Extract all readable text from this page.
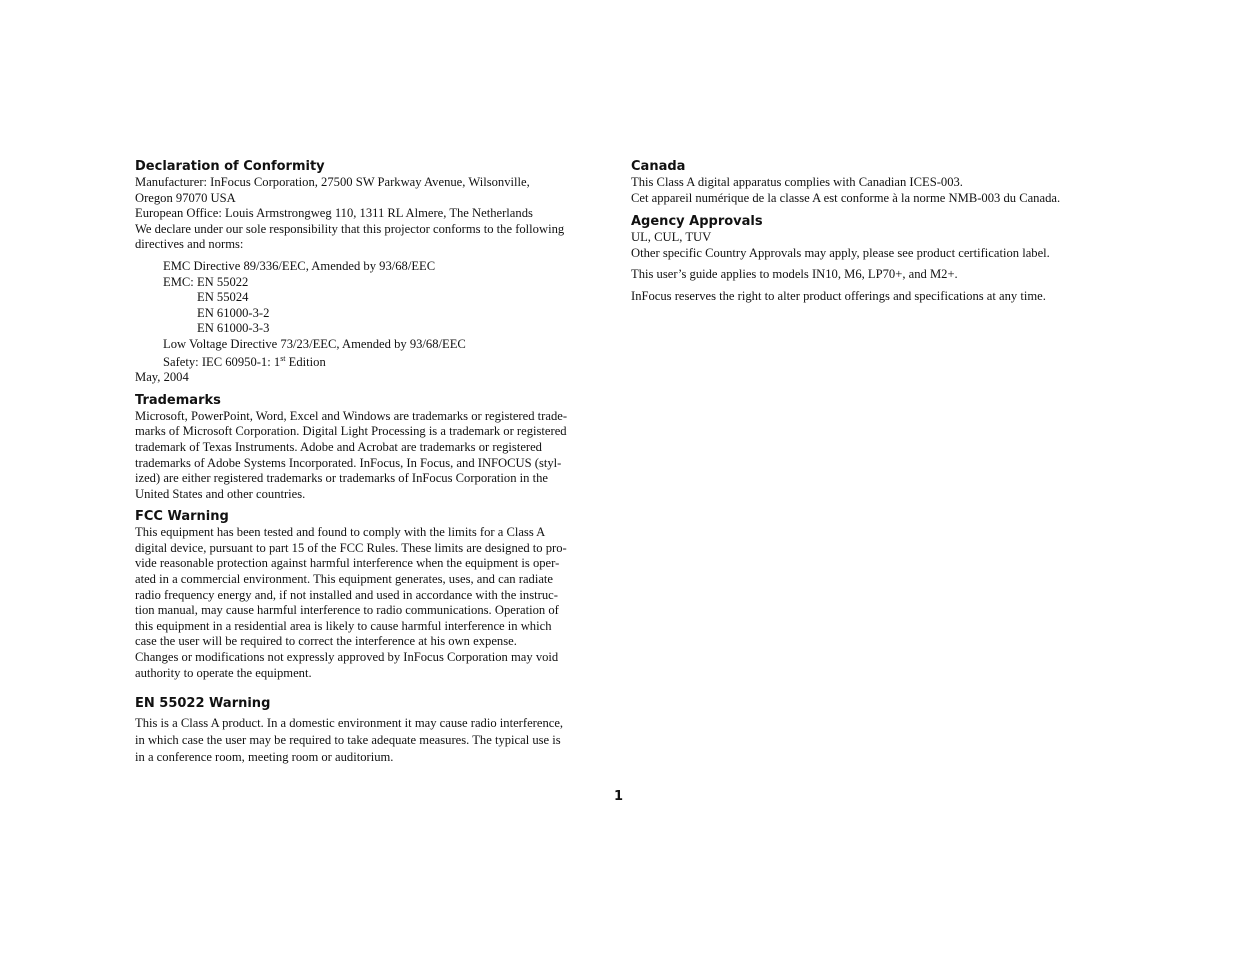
Declaration of Conformity

Manufacturer: InFocus Corporation, 27500 SW Parkway Avenue, Wilsonville,

Oregon 97070 USA

European Office: Louis Armstrongweg 110, 1311 RL Almere, The Netherlands

We declare under our sole responsibility that this projector conforms to the following

directives and norms:

EMC Directive 89/336/EEC, Amended by 93/68/EEC

EMC: EN 55022

EN 55024

EN 61000-3-2

EN 61000-3-3

Low Voltage Directive 73/23/EEC, Amended by 93/68/EEC

Safety: IEC 60950-1: 1st Edition

May, 2004

Trademarks

Microsoft, PowerPoint, Word, Excel and Windows are trademarks or registered trade-

marks of Microsoft Corporation. Digital Light Processing is a trademark or registered

trademark of Texas Instruments. Adobe and Acrobat are trademarks or registered

trademarks of Adobe Systems Incorporated. InFocus, In Focus, and INFOCUS (styl-

ized) are either registered trademarks or trademarks of InFocus Corporation in the

United States and other countries.

FCC Warning

This equipment has been tested and found to comply with the limits for a Class A

digital device, pursuant to part 15 of the FCC Rules. These limits are designed to pro-

vide reasonable protection against harmful interference when the equipment is oper-

ated in a commercial environment. This equipment generates, uses, and can radiate

radio frequency energy and, if not installed and used in accordance with the instruc-

tion manual, may cause harmful interference to radio communications. Operation of

this equipment in a residential area is likely to cause harmful interference in which

case the user will be required to correct the interference at his own expense.

Changes or modifications not expressly approved by InFocus Corporation may void

authority to operate the equipment.

EN 55022 Warning

This is a Class A product. In a domestic environment it may cause radio interference,

in which case the user may be required to take adequate measures. The typical use is

in a conference room, meeting room or auditorium.

Canada

This Class A digital apparatus complies with Canadian ICES-003.

Cet appareil numérique de la classe A est conforme à la norme NMB-003 du Canada.

Agency Approvals

UL, CUL, TUV

Other specific Country Approvals may apply, please see product certification label.

This user’s guide applies to models IN10, M6, LP70+, and M2+.

InFocus reserves the right to alter product offerings and specifications at any time.

1
